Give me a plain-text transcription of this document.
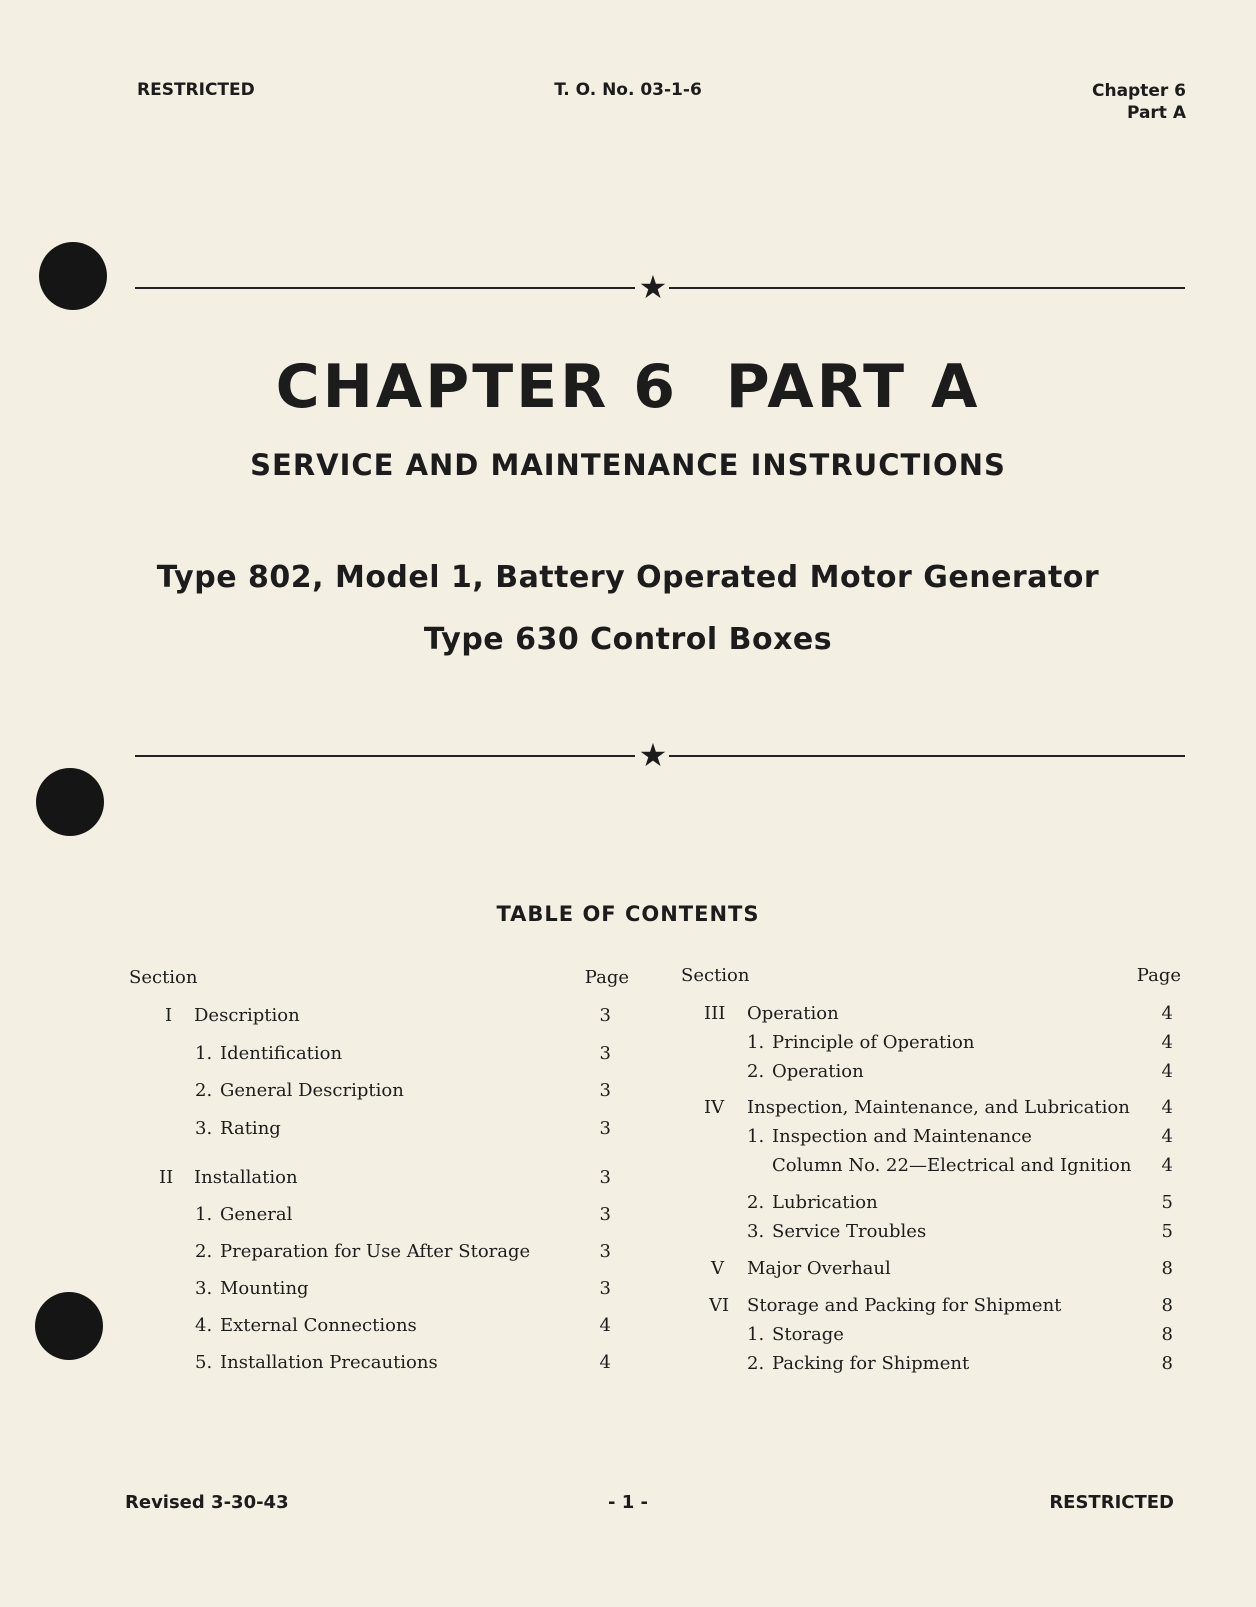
RESTRICTED	T. O. No. 03-1-6	Chapter 6
Part A
★
CHAPTER 6  PART A
SERVICE AND MAINTENANCE INSTRUCTIONS
Type 802, Model 1, Battery Operated Motor Generator
Type 630 Control Boxes
★
TABLE OF CONTENTS
Section	Page
I Description	3
1. Identification	3
2. General Description	3
3. Rating	3
II Installation	3
1. General	3
2. Preparation for Use After Storage	3
3. Mounting	3
4. External Connections	4
5. Installation Precautions	4
Section	Page
III Operation	4
1. Principle of Operation	4
2. Operation	4
IV Inspection, Maintenance, and Lubrication 4
1. Inspection and Maintenance	4
Column No. 22—Electrical and Ignition 4
2. Lubrication	5
3. Service Troubles	5
V Major Overhaul	8
VI Storage and Packing for Shipment	8
1. Storage	8
2. Packing for Shipment	8
Revised 3-30-43	- 1 -	RESTRICTED
